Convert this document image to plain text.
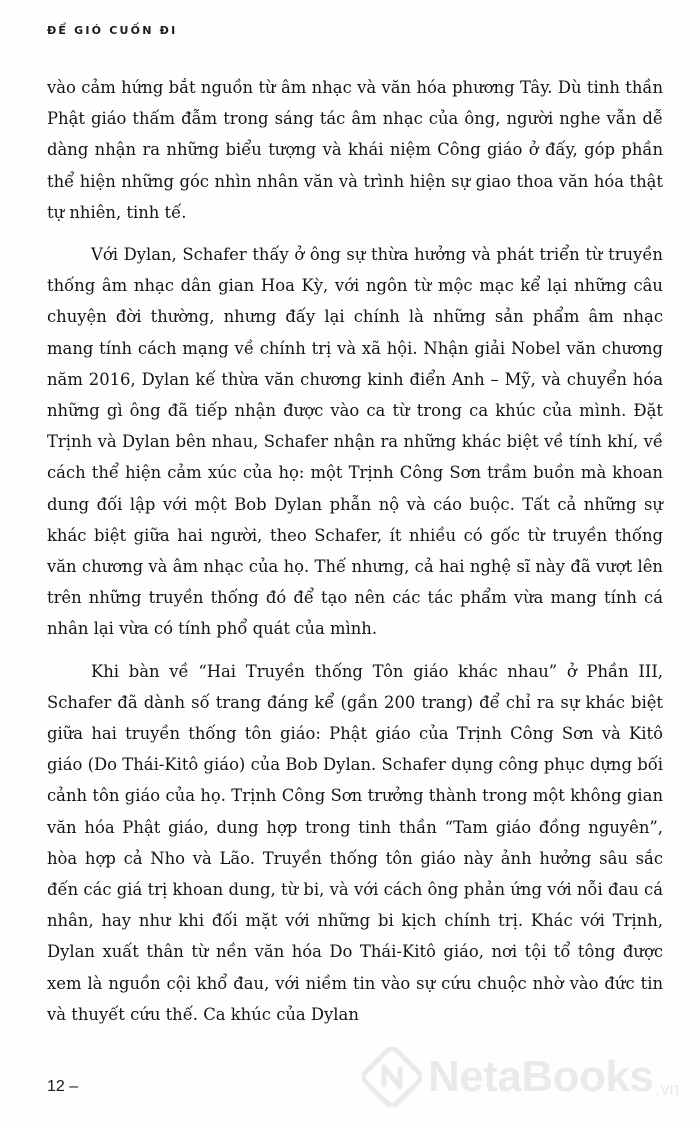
ĐỂ GIÓ CUỐN ĐI

vào cảm hứng bắt nguồn từ âm nhạc và văn hóa phương Tây. Dù tinh thần Phật giáo thấm đẫm trong sáng tác âm nhạc của ông, người nghe vẫn dễ dàng nhận ra những biểu tượng và khái niệm Công giáo ở đấy, góp phần thể hiện những góc nhìn nhân văn và trình hiện sự giao thoa văn hóa thật tự nhiên, tinh tế.

Với Dylan, Schafer thấy ở ông sự thừa hưởng và phát triển từ truyền thống âm nhạc dân gian Hoa Kỳ, với ngôn từ mộc mạc kể lại những câu chuyện đời thường, nhưng đấy lại chính là những sản phẩm âm nhạc mang tính cách mạng về chính trị và xã hội. Nhận giải Nobel văn chương năm 2016, Dylan kế thừa văn chương kinh điển Anh – Mỹ, và chuyển hóa những gì ông đã tiếp nhận được vào ca từ trong ca khúc của mình. Đặt Trịnh và Dylan bên nhau, Schafer nhận ra những khác biệt về tính khí, về cách thể hiện cảm xúc của họ: một Trịnh Công Sơn trầm buồn mà khoan dung đối lập với một Bob Dylan phẫn nộ và cáo buộc. Tất cả những sự khác biệt giữa hai người, theo Schafer, ít nhiều có gốc từ truyền thống văn chương và âm nhạc của họ. Thế nhưng, cả hai nghệ sĩ này đã vượt lên trên những truyền thống đó để tạo nên các tác phẩm vừa mang tính cá nhân lại vừa có tính phổ quát của mình.

Khi bàn về “Hai Truyền thống Tôn giáo khác nhau” ở Phần III, Schafer đã dành số trang đáng kể (gần 200 trang) để chỉ ra sự khác biệt giữa hai truyền thống tôn giáo: Phật giáo của Trịnh Công Sơn và Kitô giáo (Do Thái-Kitô giáo) của Bob Dylan. Schafer dụng công phục dựng bối cảnh tôn giáo của họ. Trịnh Công Sơn trưởng thành trong một không gian văn hóa Phật giáo, dung hợp trong tinh thần “Tam giáo đồng nguyên”, hòa hợp cả Nho và Lão. Truyền thống tôn giáo này ảnh hưởng sâu sắc đến các giá trị khoan dung, từ bi, và với cách ông phản ứng với nỗi đau cá nhân, hay như khi đối mặt với những bi kịch chính trị. Khác với Trịnh, Dylan xuất thân từ nền văn hóa Do Thái-Kitô giáo, nơi tội tổ tông được xem là nguồn cội khổ đau, với niềm tin vào sự cứu chuộc nhờ vào đức tin và thuyết cứu thế. Ca khúc của Dylan

12 –	NetaBooks .vn
